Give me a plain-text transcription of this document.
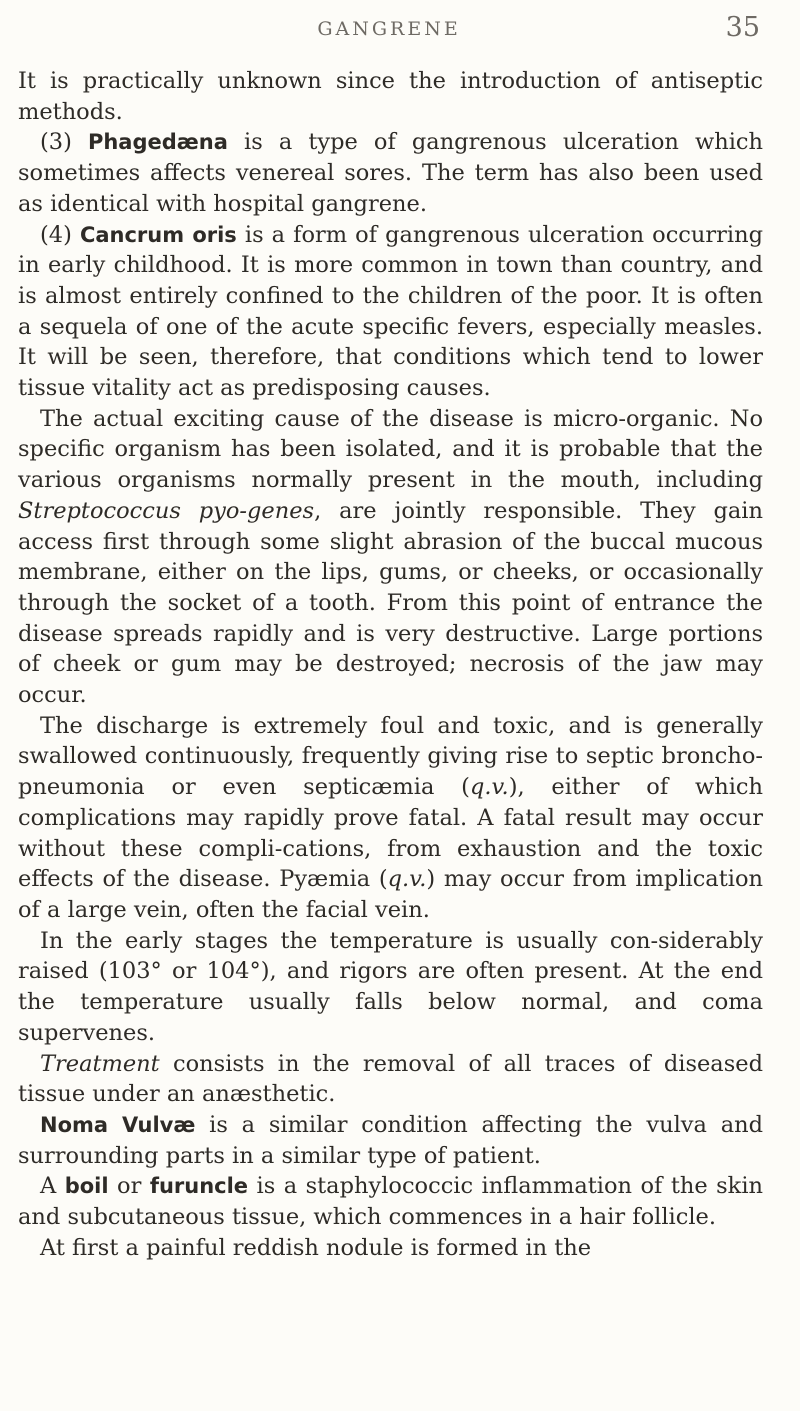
GANGRENE	35

It is practically unknown since the introduction of antiseptic methods.

(3) Phagedæna is a type of gangrenous ulceration which sometimes affects venereal sores. The term has also been used as identical with hospital gangrene.

(4) Cancrum oris is a form of gangrenous ulceration occurring in early childhood. It is more common in town than country, and is almost entirely confined to the children of the poor. It is often a sequela of one of the acute specific fevers, especially measles. It will be seen, therefore, that conditions which tend to lower tissue vitality act as predisposing causes.

The actual exciting cause of the disease is micro-organic. No specific organism has been isolated, and it is probable that the various organisms normally present in the mouth, including Streptococcus pyo-genes, are jointly responsible. They gain access first through some slight abrasion of the buccal mucous membrane, either on the lips, gums, or cheeks, or occasionally through the socket of a tooth. From this point of entrance the disease spreads rapidly and is very destructive. Large portions of cheek or gum may be destroyed; necrosis of the jaw may occur.

The discharge is extremely foul and toxic, and is generally swallowed continuously, frequently giving rise to septic broncho-pneumonia or even septicæmia (q.v.), either of which complications may rapidly prove fatal. A fatal result may occur without these compli-cations, from exhaustion and the toxic effects of the disease. Pyæmia (q.v.) may occur from implication of a large vein, often the facial vein.

In the early stages the temperature is usually con-siderably raised (103° or 104°), and rigors are often present. At the end the temperature usually falls below normal, and coma supervenes.

Treatment consists in the removal of all traces of diseased tissue under an anæsthetic.

Noma Vulvæ is a similar condition affecting the vulva and surrounding parts in a similar type of patient.

A boil or furuncle is a staphylococcic inflammation of the skin and subcutaneous tissue, which commences in a hair follicle.

At first a painful reddish nodule is formed in the
